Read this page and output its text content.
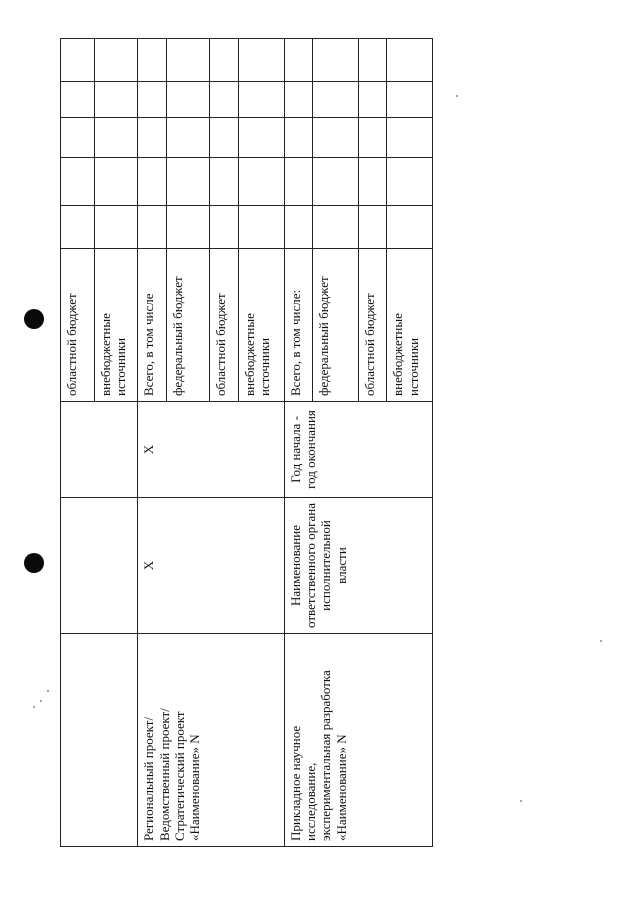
			областной бюджет					
			внебюджетные источники					

Региональный проект/ Ведомственный проект/ Стратегический проект «Наименование» N	X	X	Всего, в том числе					
			федеральный бюджет					
			областной бюджет					
			внебюджетные источники					

Прикладное научное исследование, экспериментальная разработка «Наименование» N	Наименование ответственного органа исполнительной власти	Год начала - год окончания	Всего, в том числе:					
			федеральный бюджет					
			областной бюджет					
			внебюджетные источники					
